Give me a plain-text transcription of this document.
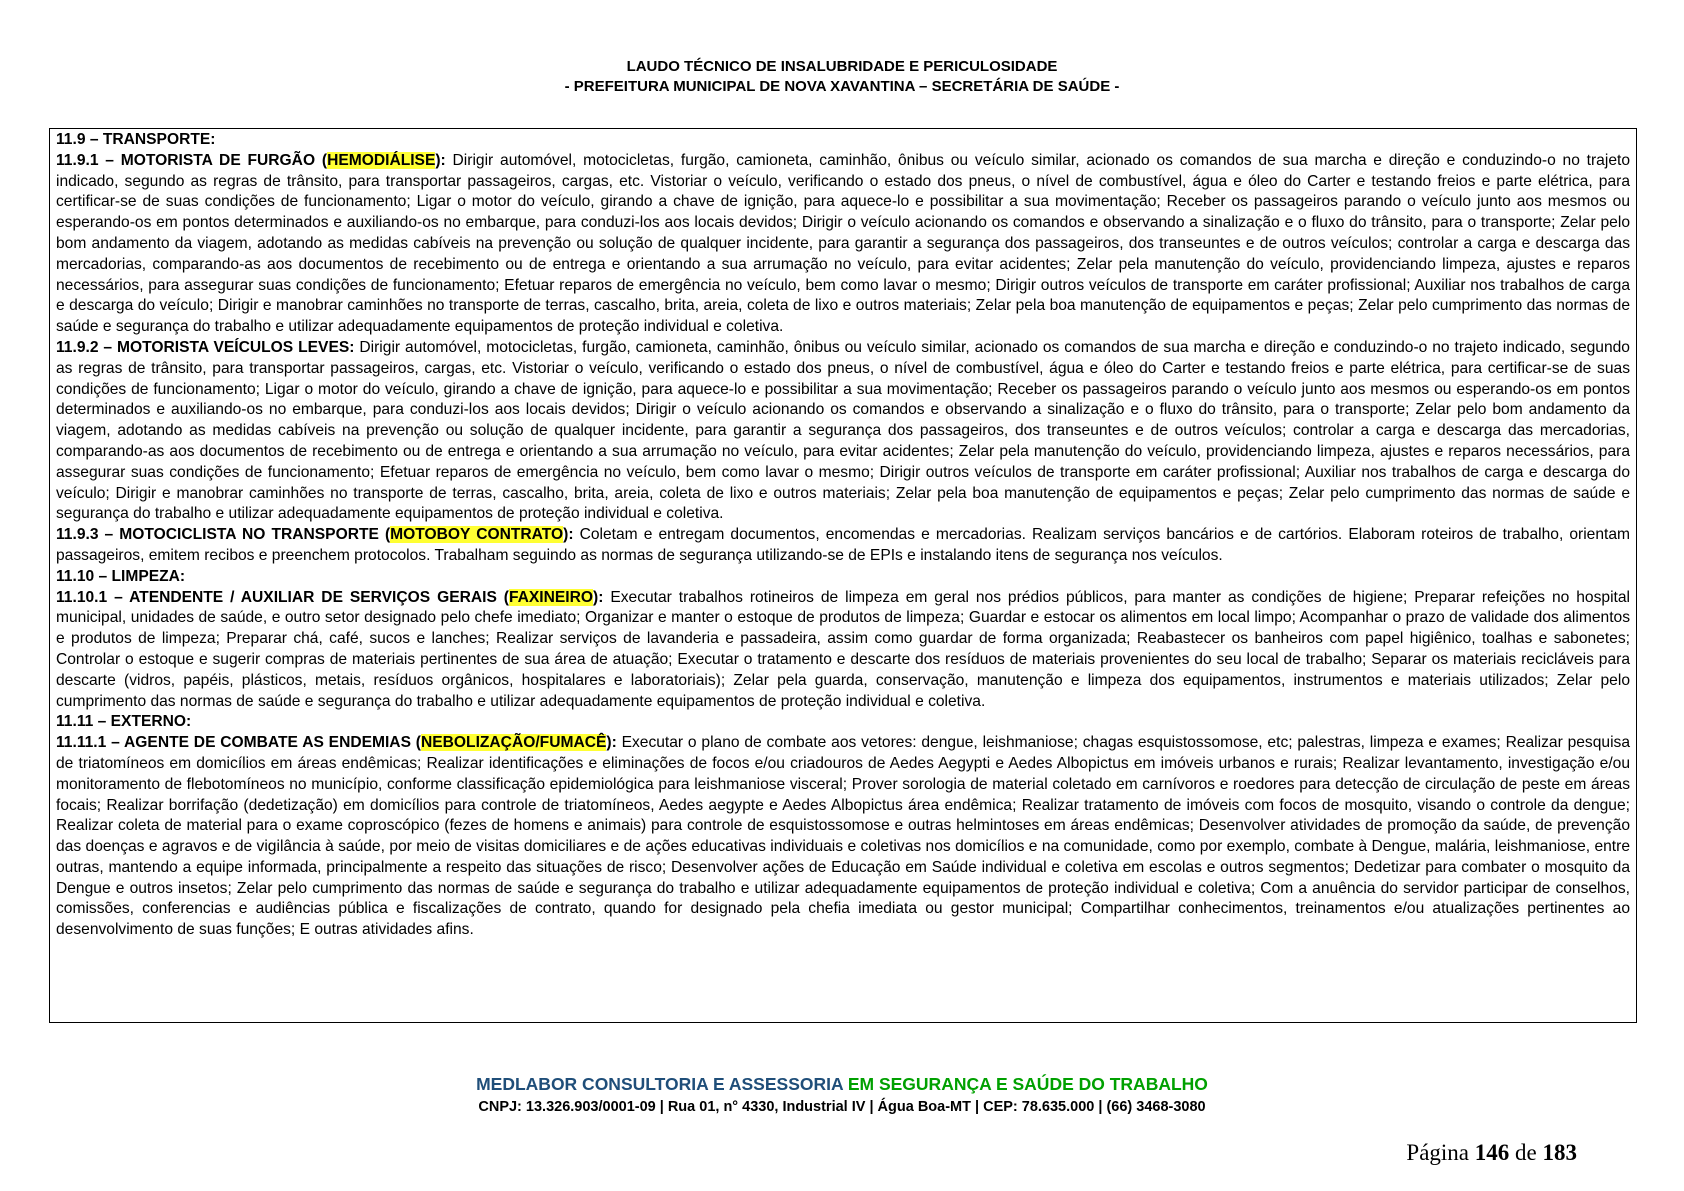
LAUDO TÉCNICO DE INSALUBRIDADE E PERICULOSIDADE
- PREFEITURA MUNICIPAL DE NOVA XAVANTINA – SECRETÁRIA DE SAÚDE -

11.9 – TRANSPORTE:

11.9.1 – MOTORISTA DE FURGÃO (HEMODIÁLISE): Dirigir automóvel, motocicletas, furgão, camioneta, caminhão, ônibus ou veículo similar, acionado os comandos de sua marcha e direção e conduzindo-o no trajeto indicado, segundo as regras de trânsito, para transportar passageiros, cargas, etc. Vistoriar o veículo, verificando o estado dos pneus, o nível de combustível, água e óleo do Carter e testando freios e parte elétrica, para certificar-se de suas condições de funcionamento; Ligar o motor do veículo, girando a chave de ignição, para aquece-lo e possibilitar a sua movimentação; Receber os passageiros parando o veículo junto aos mesmos ou esperando-os em pontos determinados e auxiliando-os no embarque, para conduzi-los aos locais devidos; Dirigir o veículo acionando os comandos e observando a sinalização e o fluxo do trânsito, para o transporte; Zelar pelo bom andamento da viagem, adotando as medidas cabíveis na prevenção ou solução de qualquer incidente, para garantir a segurança dos passageiros, dos transeuntes e de outros veículos; controlar a carga e descarga das mercadorias, comparando-as aos documentos de recebimento ou de entrega e orientando a sua arrumação no veículo, para evitar acidentes; Zelar pela manutenção do veículo, providenciando limpeza, ajustes e reparos necessários, para assegurar suas condições de funcionamento; Efetuar reparos de emergência no veículo, bem como lavar o mesmo; Dirigir outros veículos de transporte em caráter profissional; Auxiliar nos trabalhos de carga e descarga do veículo; Dirigir e manobrar caminhões no transporte de terras, cascalho, brita, areia, coleta de lixo e outros materiais; Zelar pela boa manutenção de equipamentos e peças; Zelar pelo cumprimento das normas de saúde e segurança do trabalho e utilizar adequadamente equipamentos de proteção individual e coletiva.

11.9.2 – MOTORISTA VEÍCULOS LEVES: Dirigir automóvel, motocicletas, furgão, camioneta, caminhão, ônibus ou veículo similar, acionado os comandos de sua marcha e direção e conduzindo-o no trajeto indicado, segundo as regras de trânsito, para transportar passageiros, cargas, etc. Vistoriar o veículo, verificando o estado dos pneus, o nível de combustível, água e óleo do Carter e testando freios e parte elétrica, para certificar-se de suas condições de funcionamento; Ligar o motor do veículo, girando a chave de ignição, para aquece-lo e possibilitar a sua movimentação; Receber os passageiros parando o veículo junto aos mesmos ou esperando-os em pontos determinados e auxiliando-os no embarque, para conduzi-los aos locais devidos; Dirigir o veículo acionando os comandos e observando a sinalização e o fluxo do trânsito, para o transporte; Zelar pelo bom andamento da viagem, adotando as medidas cabíveis na prevenção ou solução de qualquer incidente, para garantir a segurança dos passageiros, dos transeuntes e de outros veículos; controlar a carga e descarga das mercadorias, comparando-as aos documentos de recebimento ou de entrega e orientando a sua arrumação no veículo, para evitar acidentes; Zelar pela manutenção do veículo, providenciando limpeza, ajustes e reparos necessários, para assegurar suas condições de funcionamento; Efetuar reparos de emergência no veículo, bem como lavar o mesmo; Dirigir outros veículos de transporte em caráter profissional; Auxiliar nos trabalhos de carga e descarga do veículo; Dirigir e manobrar caminhões no transporte de terras, cascalho, brita, areia, coleta de lixo e outros materiais; Zelar pela boa manutenção de equipamentos e peças; Zelar pelo cumprimento das normas de saúde e segurança do trabalho e utilizar adequadamente equipamentos de proteção individual e coletiva.

11.9.3 – MOTOCICLISTA NO TRANSPORTE (MOTOBOY CONTRATO): Coletam e entregam documentos, encomendas e mercadorias. Realizam serviços bancários e de cartórios. Elaboram roteiros de trabalho, orientam passageiros, emitem recibos e preenchem protocolos. Trabalham seguindo as normas de segurança utilizando-se de EPIs e instalando itens de segurança nos veículos.

11.10 – LIMPEZA:

11.10.1 – ATENDENTE / AUXILIAR DE SERVIÇOS GERAIS (FAXINEIRO): Executar trabalhos rotineiros de limpeza em geral nos prédios públicos, para manter as condições de higiene; Preparar refeições no hospital municipal, unidades de saúde, e outro setor designado pelo chefe imediato; Organizar e manter o estoque de produtos de limpeza; Guardar e estocar os alimentos em local limpo; Acompanhar o prazo de validade dos alimentos e produtos de limpeza; Preparar chá, café, sucos e lanches; Realizar serviços de lavanderia e passadeira, assim como guardar de forma organizada; Reabastecer os banheiros com papel higiênico, toalhas e sabonetes; Controlar o estoque e sugerir compras de materiais pertinentes de sua área de atuação; Executar o tratamento e descarte dos resíduos de materiais provenientes do seu local de trabalho; Separar os materiais recicláveis para descarte (vidros, papéis, plásticos, metais, resíduos orgânicos, hospitalares e laboratoriais); Zelar pela guarda, conservação, manutenção e limpeza dos equipamentos, instrumentos e materiais utilizados; Zelar pelo cumprimento das normas de saúde e segurança do trabalho e utilizar adequadamente equipamentos de proteção individual e coletiva.

11.11 – EXTERNO:

11.11.1 – AGENTE DE COMBATE AS ENDEMIAS (NEBOLIZAÇÃO/FUMACÊ): Executar o plano de combate aos vetores: dengue, leishmaniose; chagas esquistossomose, etc; palestras, limpeza e exames; Realizar pesquisa de triatomíneos em domicílios em áreas endêmicas; Realizar identificações e eliminações de focos e/ou criadouros de Aedes Aegypti e Aedes Albopictus em imóveis urbanos e rurais; Realizar levantamento, investigação e/ou monitoramento de flebotomíneos no município, conforme classificação epidemiológica para leishmaniose visceral; Prover sorologia de material coletado em carnívoros e roedores para detecção de circulação de peste em áreas focais; Realizar borrifação (dedetização) em domicílios para controle de triatomíneos, Aedes aegypte e Aedes Albopictus área endêmica; Realizar tratamento de imóveis com focos de mosquito, visando o controle da dengue; Realizar coleta de material para o exame coproscópico (fezes de homens e animais) para controle de esquistossomose e outras helmintoses em áreas endêmicas; Desenvolver atividades de promoção da saúde, de prevenção das doenças e agravos e de vigilância à saúde, por meio de visitas domiciliares e de ações educativas individuais e coletivas nos domicílios e na comunidade, como por exemplo, combate à Dengue, malária, leishmaniose, entre outras, mantendo a equipe informada, principalmente a respeito das situações de risco; Desenvolver ações de Educação em Saúde individual e coletiva em escolas e outros segmentos; Dedetizar para combater o mosquito da Dengue e outros insetos; Zelar pelo cumprimento das normas de saúde e segurança do trabalho e utilizar adequadamente equipamentos de proteção individual e coletiva; Com a anuência do servidor participar de conselhos, comissões, conferencias e audiências pública e fiscalizações de contrato, quando for designado pela chefia imediata ou gestor municipal; Compartilhar conhecimentos, treinamentos e/ou atualizações pertinentes ao desenvolvimento de suas funções; E outras atividades afins.

MEDLABOR CONSULTORIA E ASSESSORIA EM SEGURANÇA E SAÚDE DO TRABALHO
CNPJ: 13.326.903/0001-09 | Rua 01, n° 4330, Industrial IV | Água Boa-MT | CEP: 78.635.000 | (66) 3468-3080
Página 146 de 183
